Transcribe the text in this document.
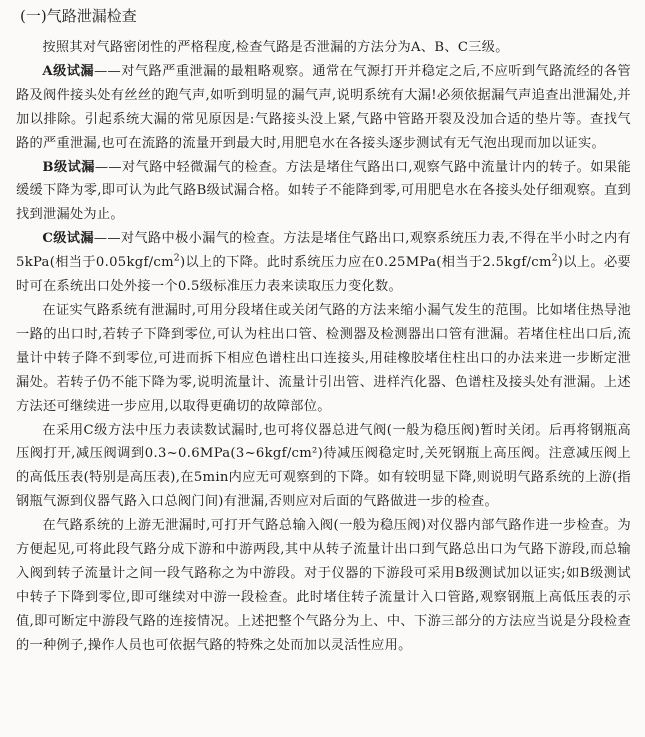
(一)气路泄漏检查

按照其对气路密闭性的严格程度,检查气路是否泄漏的方法分为A、B、C三级。

A级试漏——对气路严重泄漏的最粗略观察。通常在气源打开并稳定之后,不应听到气路流经的各管路及阀件接头处有丝丝的跑气声,如听到明显的漏气声,说明系统有大漏!必须依据漏气声追查出泄漏处,并加以排除。引起系统大漏的常见原因是:气路接头没上紧,气路中管路开裂及没加合适的垫片等。查找气路的严重泄漏,也可在流路的流量开到最大时,用肥皂水在各接头逐步测试有无气泡出现而加以证实。

B级试漏——对气路中轻微漏气的检查。方法是堵住气路出口,观察气路中流量计内的转子。如果能缓缓下降为零,即可认为此气路B级试漏合格。如转子不能降到零,可用肥皂水在各接头处仔细观察。直到找到泄漏处为止。

C级试漏——对气路中极小漏气的检查。方法是堵住气路出口,观察系统压力表,不得在半小时之内有5kPa(相当于$0.05kgf/cm^2$)以上的下降。此时系统压力应在0.25MPa(相当于$2.5kgf/cm^2$)以上。必要时可在系统出口处外接一个0.5级标准压力表来读取压力变化数。

在证实气路系统有泄漏时,可用分段堵住或关闭气路的方法来缩小漏气发生的范围。比如堵住热导池一路的出口时,若转子下降到零位,可认为柱出口管、检测器及检测器出口管有泄漏。若堵住柱出口后,流量计中转子降不到零位,可进而拆下相应色谱柱出口连接头,用硅橡胶堵住柱出口的办法来进一步断定泄漏处。若转子仍不能下降为零,说明流量计、流量计引出管、进样汽化器、色谱柱及接头处有泄漏。上述方法还可继续进一步应用,以取得更确切的故障部位。

在采用C级方法中压力表读数试漏时,也可将仪器总进气阀(一般为稳压阀)暂时关闭。后再将钢瓶高压阀打开,减压阀调到0.3~0.6MPa(3~6kgf/cm²)待减压阀稳定时,关死钢瓶上高压阀。注意减压阀上的高低压表(特别是高压表),在5min内应无可观察到的下降。如有较明显下降,则说明气路系统的上游(指钢瓶气源到仪器气路入口总阀门间)有泄漏,否则应对后面的气路做进一步的检查。

在气路系统的上游无泄漏时,可打开气路总输入阀(一般为稳压阀)对仪器内部气路作进一步检查。为方便起见,可将此段气路分成下游和中游两段,其中从转子流量计出口到气路总出口为气路下游段,而总输入阀到转子流量计之间一段气路称之为中游段。对于仪器的下游段可采用B级测试加以证实;如B级测试中转子下降到零位,即可继续对中游一段检查。此时堵住转子流量计入口管路,观察钢瓶上高低压表的示值,即可断定中游段气路的连接情况。上述把整个气路分为上、中、下游三部分的方法应当说是分段检查的一种例子,操作人员也可依据气路的特殊之处而加以灵活性应用。
